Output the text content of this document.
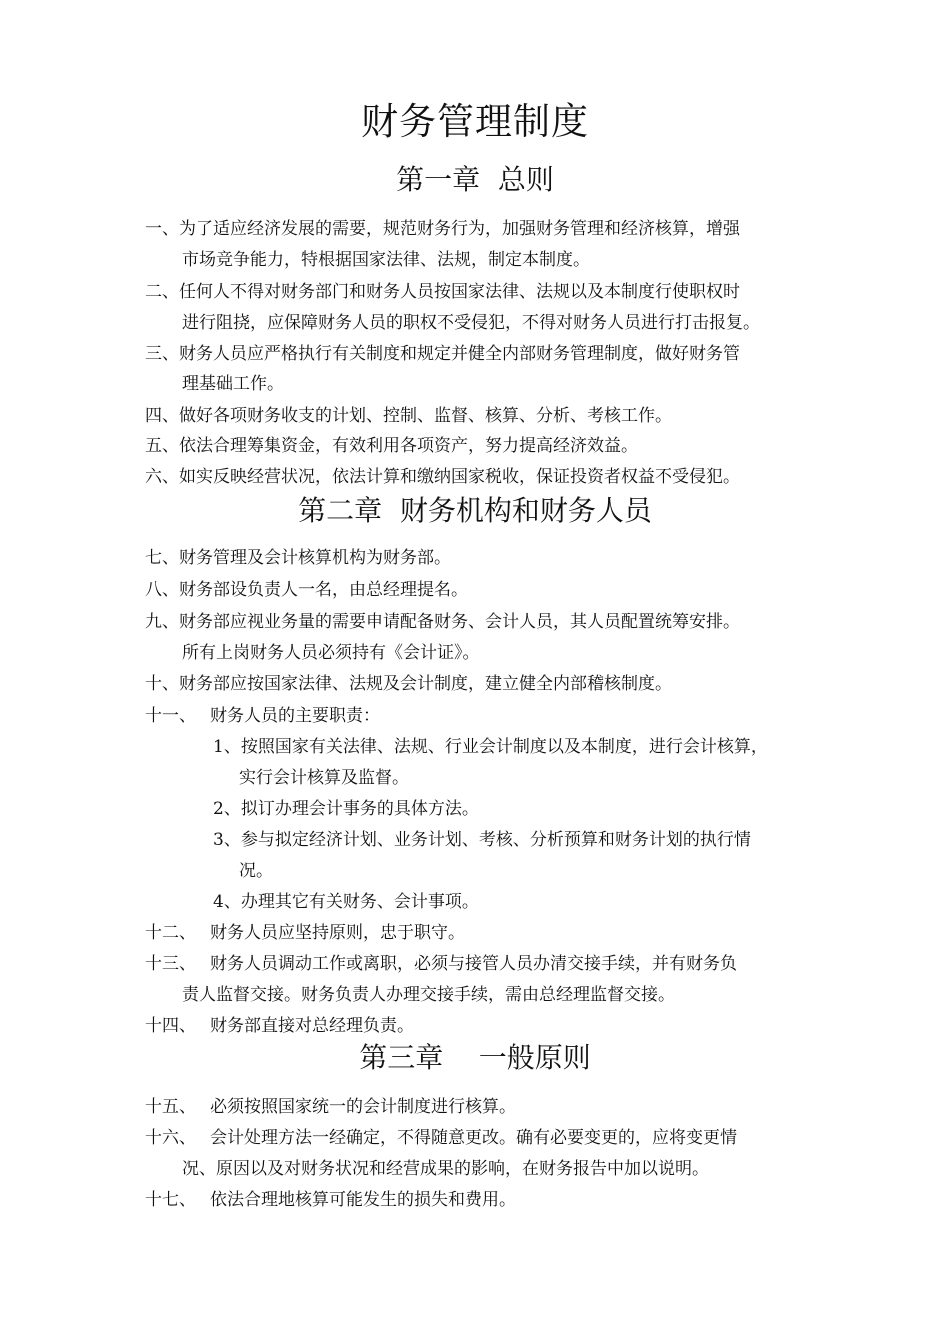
财务管理制度
第一章  总则
一、为了适应经济发展的需要，规范财务行为，加强财务管理和经济核算，增强
市场竞争能力，特根据国家法律、法规，制定本制度。
二、任何人不得对财务部门和财务人员按国家法律、法规以及本制度行使职权时
进行阻挠，应保障财务人员的职权不受侵犯，不得对财务人员进行打击报复。
三、财务人员应严格执行有关制度和规定并健全内部财务管理制度，做好财务管
理基础工作。
四、做好各项财务收支的计划、控制、监督、核算、分析、考核工作。
五、依法合理筹集资金，有效利用各项资产，努力提高经济效益。
六、如实反映经营状况，依法计算和缴纳国家税收，保证投资者权益不受侵犯。
第二章  财务机构和财务人员
七、财务管理及会计核算机构为财务部。
八、财务部设负责人一名，由总经理提名。
九、财务部应视业务量的需要申请配备财务、会计人员，其人员配置统筹安排。
所有上岗财务人员必须持有《会计证》。
十、财务部应按国家法律、法规及会计制度，建立健全内部稽核制度。
十一、 财务人员的主要职责：
1、按照国家有关法律、法规、行业会计制度以及本制度，进行会计核算，
实行会计核算及监督。
2、拟订办理会计事务的具体方法。
3、参与拟定经济计划、业务计划、考核、分析预算和财务计划的执行情
况。
4、办理其它有关财务、会计事项。
十二、 财务人员应坚持原则，忠于职守。
十三、 财务人员调动工作或离职，必须与接管人员办清交接手续，并有财务负
责人监督交接。财务负责人办理交接手续，需由总经理监督交接。
十四、 财务部直接对总经理负责。
第三章    一般原则
十五、 必须按照国家统一的会计制度进行核算。
十六、 会计处理方法一经确定，不得随意更改。确有必要变更的，应将变更情
况、原因以及对财务状况和经营成果的影响，在财务报告中加以说明。
十七、 依法合理地核算可能发生的损失和费用。
